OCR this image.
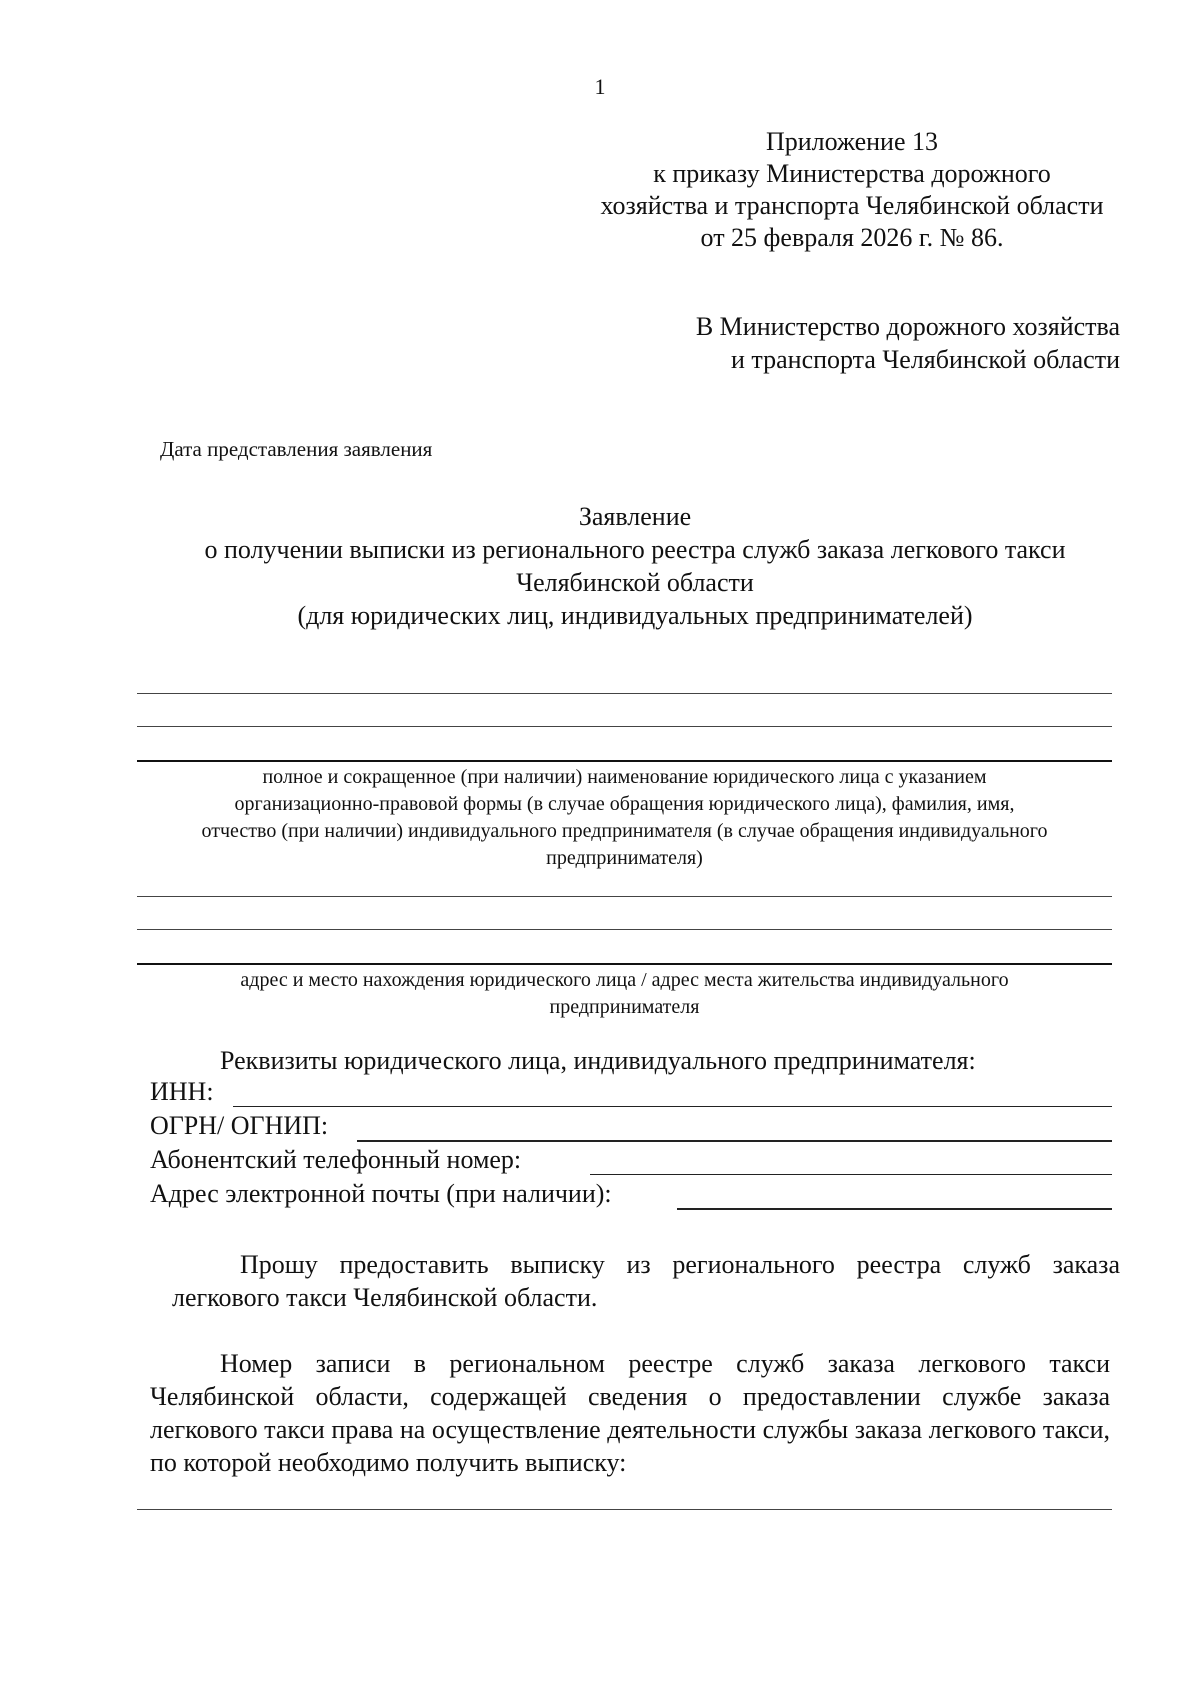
1
Приложение 13
к приказу Министерства дорожного
хозяйства и транспорта Челябинской области
от 25 февраля 2026 г. № 86.
В Министерство дорожного хозяйства
и транспорта Челябинской области
Дата представления заявления
Заявление
о получении выписки из регионального реестра служб заказа легкового такси
Челябинской области
(для юридических лиц, индивидуальных предпринимателей)
полное и сокращенное (при наличии) наименование юридического лица с указанием
организационно-правовой формы (в случае обращения юридического лица), фамилия, имя,
отчество (при наличии) индивидуального предпринимателя (в случае обращения индивидуального
предпринимателя)
адрес и место нахождения юридического лица / адрес места жительства индивидуального
предпринимателя
Реквизиты юридического лица, индивидуального предпринимателя:
ИНН:
ОГРН/ ОГНИП:
Абонентский телефонный номер:
Адрес электронной почты (при наличии):
Прошу предоставить выписку из регионального реестра служб заказа
легкового такси Челябинской области.
Номер записи в региональном реестре служб заказа легкового такси Челябинской области, содержащей сведения о предоставлении службе заказа легкового такси права на осуществление деятельности службы заказа легкового такси, по которой необходимо получить выписку:
